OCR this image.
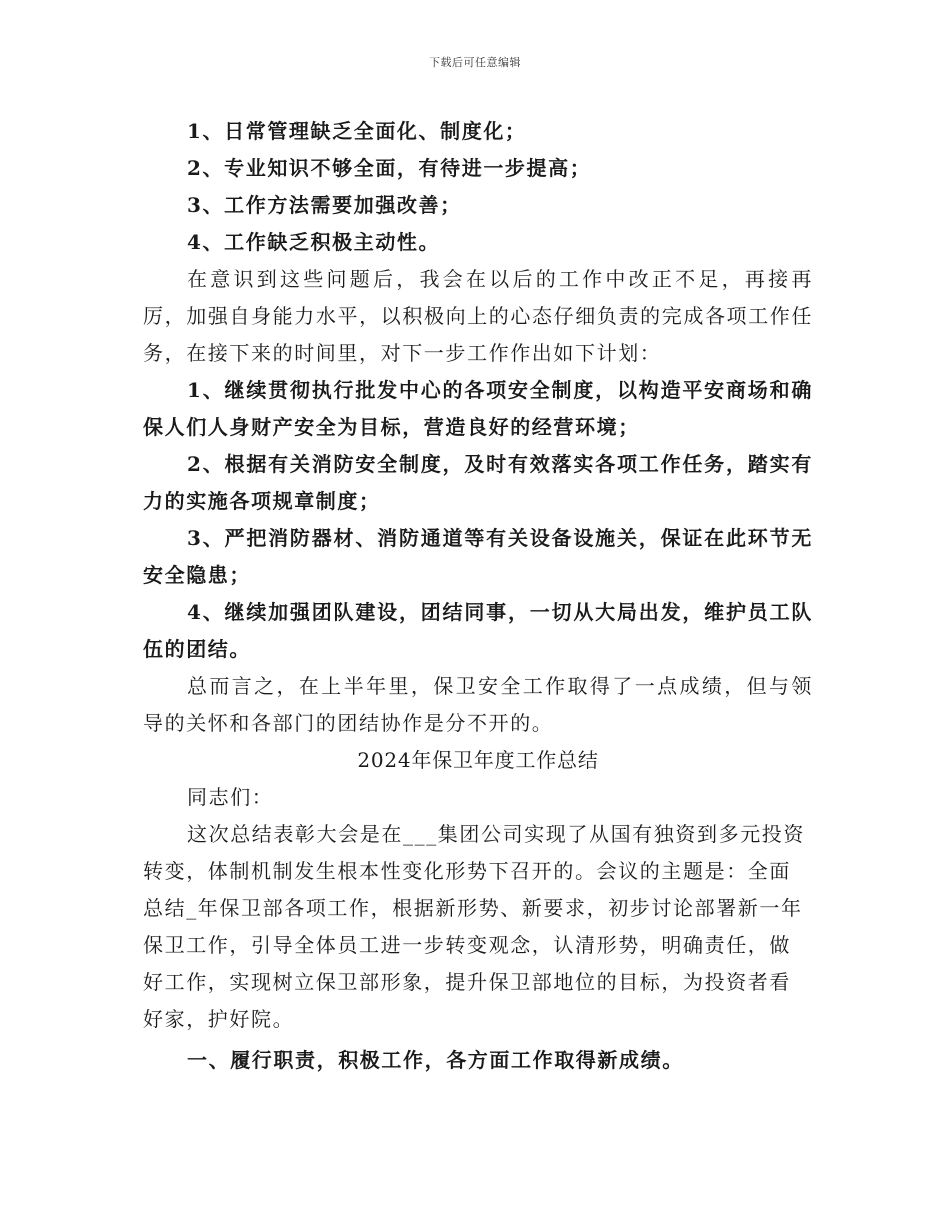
下载后可任意编辑

1、日常管理缺乏全面化、制度化；

2、专业知识不够全面，有待进一步提高；

3、工作方法需要加强改善；

4、工作缺乏积极主动性。

在意识到这些问题后，我会在以后的工作中改正不足，再接再厉，加强自身能力水平，以积极向上的心态仔细负责的完成各项工作任务，在接下来的时间里，对下一步工作作出如下计划：

1、继续贯彻执行批发中心的各项安全制度，以构造平安商场和确保人们人身财产安全为目标，营造良好的经营环境；

2、根据有关消防安全制度，及时有效落实各项工作任务，踏实有力的实施各项规章制度；

3、严把消防器材、消防通道等有关设备设施关，保证在此环节无安全隐患；

4、继续加强团队建设，团结同事，一切从大局出发，维护员工队伍的团结。

总而言之，在上半年里，保卫安全工作取得了一点成绩，但与领导的关怀和各部门的团结协作是分不开的。

2024年保卫年度工作总结

同志们：

这次总结表彰大会是在___集团公司实现了从国有独资到多元投资

转变，体制机制发生根本性变化形势下召开的。会议的主题是：全面

总结_年保卫部各项工作，根据新形势、新要求，初步讨论部署新一年

保卫工作，引导全体员工进一步转变观念，认清形势，明确责任，做

好工作，实现树立保卫部形象，提升保卫部地位的目标，为投资者看

好家，护好院。

一、履行职责，积极工作，各方面工作取得新成绩。
